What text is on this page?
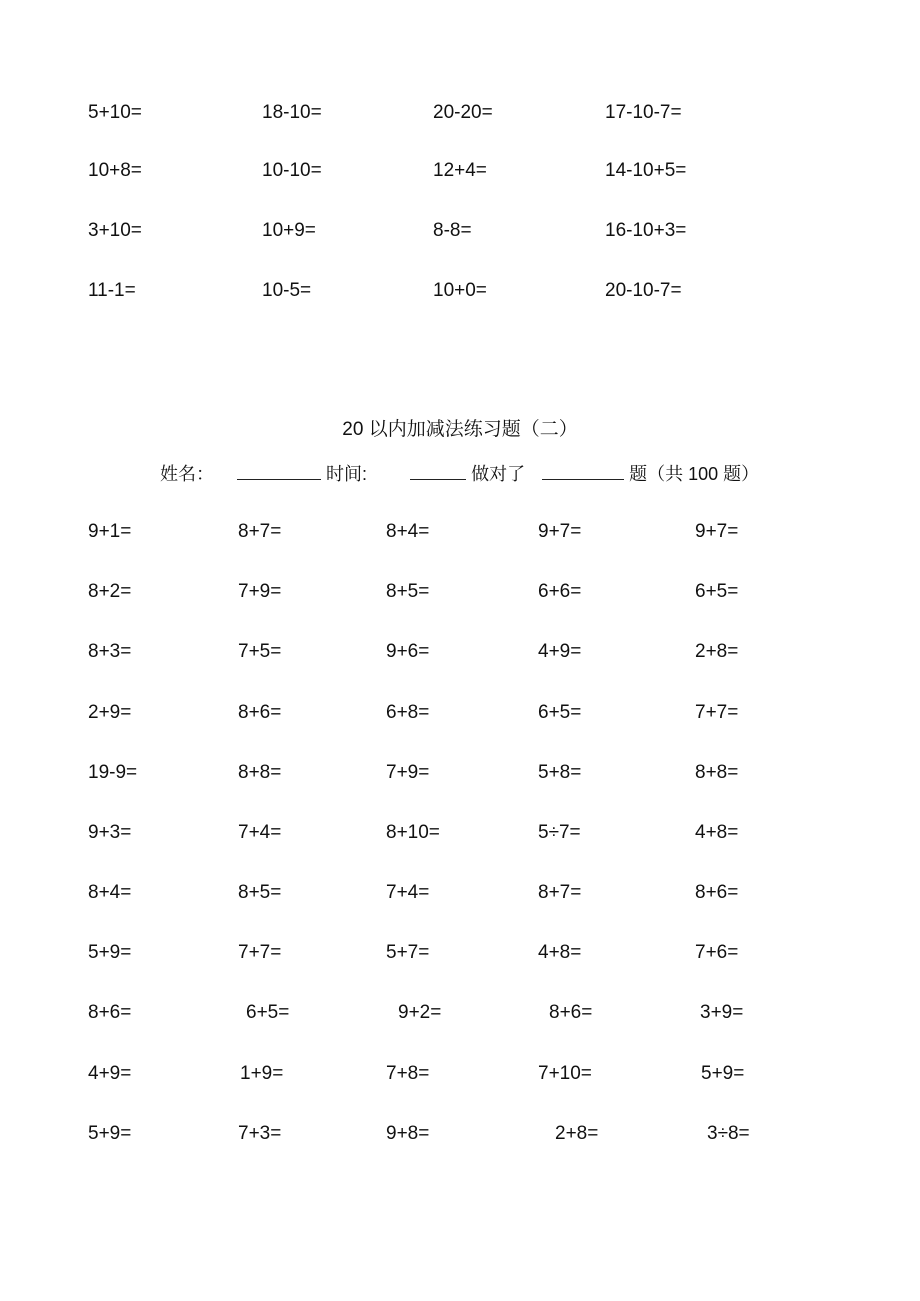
5+10=	18-10=	20-20=	17-10-7=
10+8=	10-10=	12+4=	14-10+5=
3+10=	10+9=	8-8=	16-10+3=
11-1=	10-5=	10+0=	20-10-7=
20 以内加减法练习题（二）
姓名：	时间:	做对了	题（共 100 题）
9+1=	8+7=	8+4=	9+7=	9+7=
8+2=	7+9=	8+5=	6+6=	6+5=
8+3=	7+5=	9+6=	4+9=	2+8=
2+9=	8+6=	6+8=	6+5=	7+7=
19-9=	8+8=	7+9=	5+8=	8+8=
9+3=	7+4=	8+10=	5÷7=	4+8=
8+4=	8+5=	7+4=	8+7=	8+6=
5+9=	7+7=	5+7=	4+8=	7+6=
8+6=	6+5=	9+2=	8+6=	3+9=
4+9=	1+9=	7+8=	7+10=	5+9=
5+9=	7+3=	9+8=	2+8=	3÷8=
